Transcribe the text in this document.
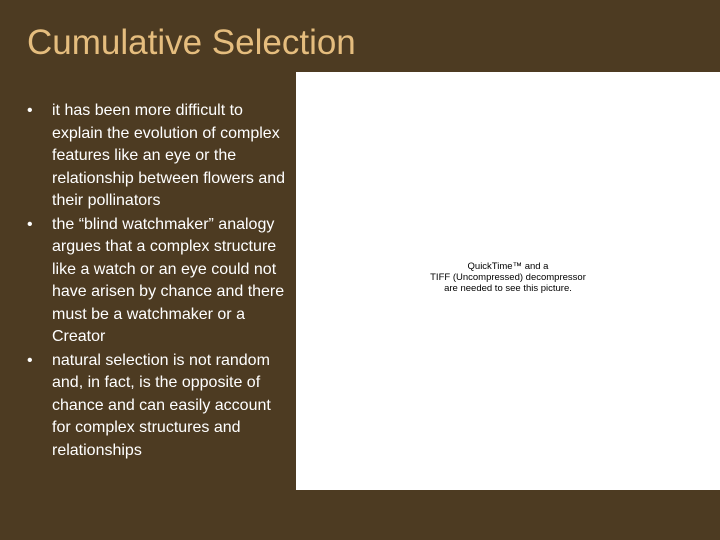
Cumulative Selection
• it has been more difficult to explain the evolution of complex features like an eye or the relationship between flowers and their pollinators
• the “blind watchmaker” analogy argues that a complex structure like a watch or an eye could not have arisen by chance and there must be a watchmaker or a Creator
• natural selection is not random and, in fact, is the opposite of chance and can easily account for complex structures and relationships
QuickTime™ and a
TIFF (Uncompressed) decompressor
are needed to see this picture.
